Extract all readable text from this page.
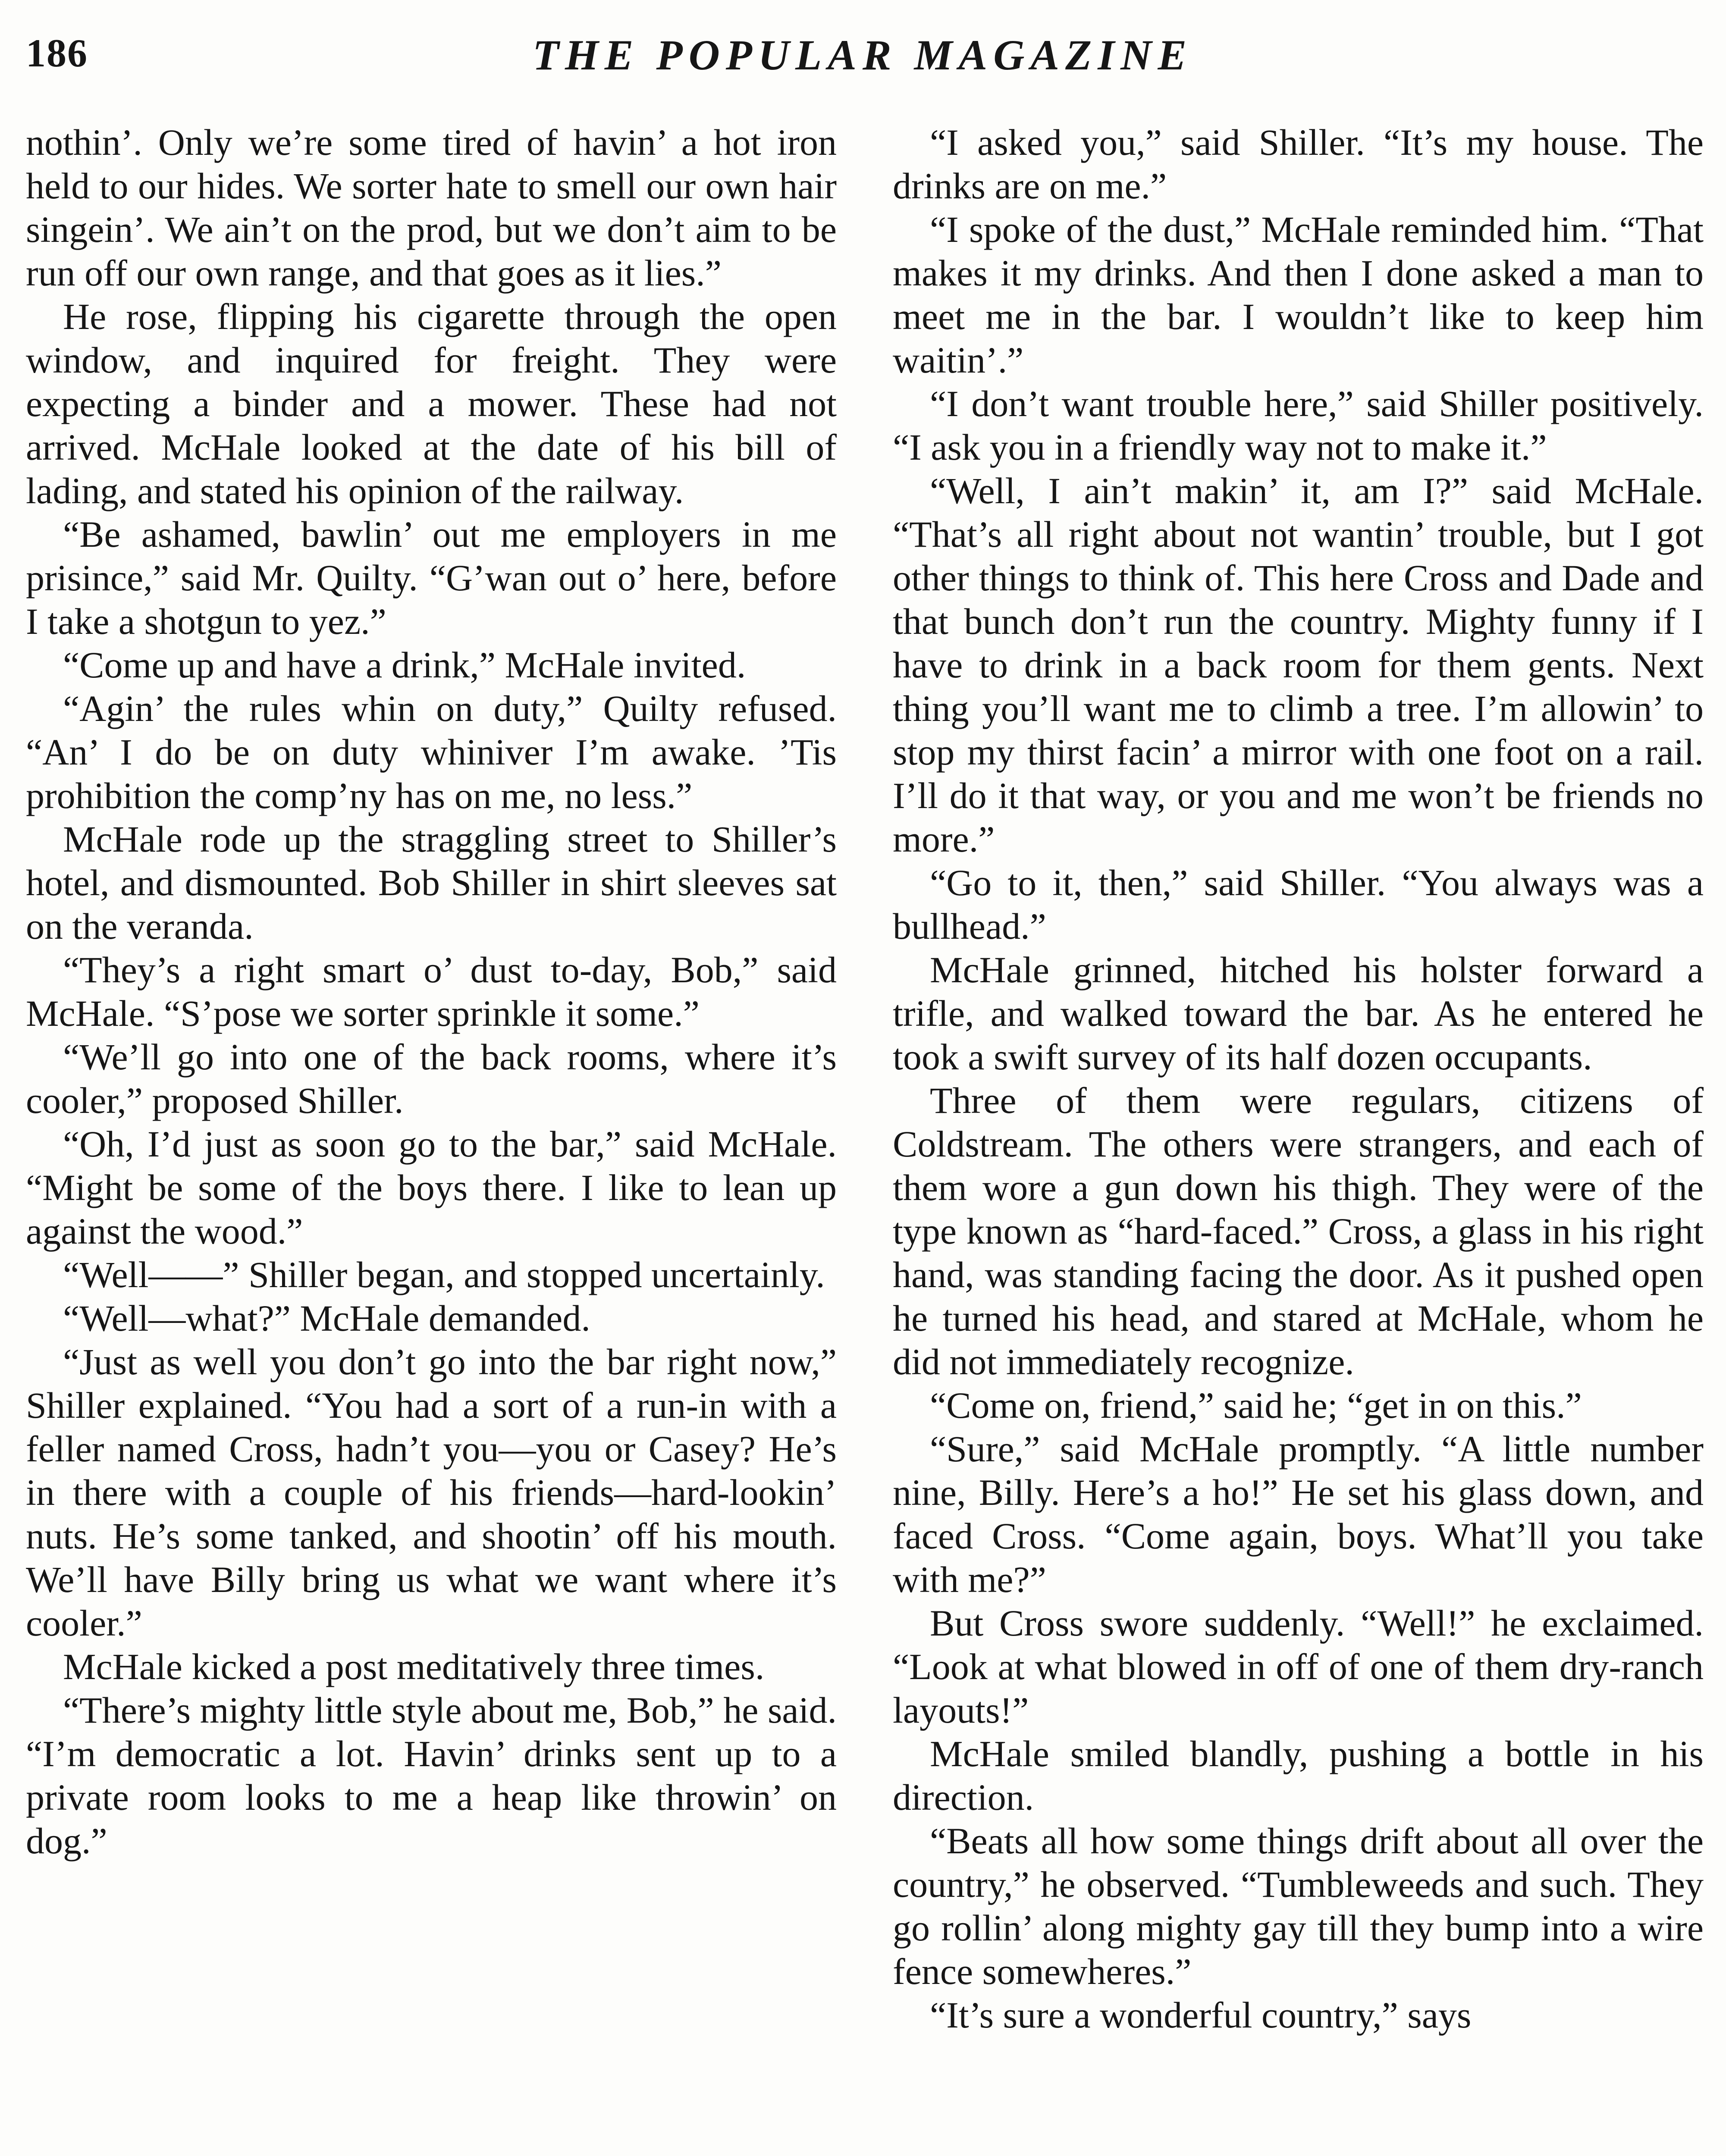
186	THE POPULAR MAGAZINE

nothin’. Only we’re some tired of havin’ a hot iron held to our hides. We sorter hate to smell our own hair singein’. We ain’t on the prod, but we don’t aim to be run off our own range, and that goes as it lies.”

He rose, flipping his cigarette through the open window, and inquired for freight. They were expecting a binder and a mower. These had not arrived. McHale looked at the date of his bill of lading, and stated his opinion of the railway.

“Be ashamed, bawlin’ out me employers in me prisince,” said Mr. Quilty. “G’wan out o’ here, before I take a shotgun to yez.”

“Come up and have a drink,” McHale invited.

“Agin’ the rules whin on duty,” Quilty refused. “An’ I do be on duty whiniver I’m awake. ’Tis prohibition the comp’ny has on me, no less.”

McHale rode up the straggling street to Shiller’s hotel, and dismounted. Bob Shiller in shirt sleeves sat on the veranda.

“They’s a right smart o’ dust to-day, Bob,” said McHale. “S’pose we sorter sprinkle it some.”

“We’ll go into one of the back rooms, where it’s cooler,” proposed Shiller.

“Oh, I’d just as soon go to the bar,” said McHale. “Might be some of the boys there. I like to lean up against the wood.”

“Well——” Shiller began, and stopped uncertainly.

“Well—what?” McHale demanded.

“Just as well you don’t go into the bar right now,” Shiller explained. “You had a sort of a run-in with a feller named Cross, hadn’t you—you or Casey? He’s in there with a couple of his friends—hard-lookin’ nuts. He’s some tanked, and shootin’ off his mouth. We’ll have Billy bring us what we want where it’s cooler.”

McHale kicked a post meditatively three times.

“There’s mighty little style about me, Bob,” he said. “I’m democratic a lot. Havin’ drinks sent up to a private room looks to me a heap like throwin’ on dog.”

“I asked you,” said Shiller. “It’s my house. The drinks are on me.”

“I spoke of the dust,” McHale reminded him. “That makes it my drinks. And then I done asked a man to meet me in the bar. I wouldn’t like to keep him waitin’.”

“I don’t want trouble here,” said Shiller positively. “I ask you in a friendly way not to make it.”

“Well, I ain’t makin’ it, am I?” said McHale. “That’s all right about not wantin’ trouble, but I got other things to think of. This here Cross and Dade and that bunch don’t run the country. Mighty funny if I have to drink in a back room for them gents. Next thing you’ll want me to climb a tree. I’m allowin’ to stop my thirst facin’ a mirror with one foot on a rail. I’ll do it that way, or you and me won’t be friends no more.”

“Go to it, then,” said Shiller. “You always was a bullhead.”

McHale grinned, hitched his holster forward a trifle, and walked toward the bar. As he entered he took a swift survey of its half dozen occupants.

Three of them were regulars, citizens of Coldstream. The others were strangers, and each of them wore a gun down his thigh. They were of the type known as “hard-faced.” Cross, a glass in his right hand, was standing facing the door. As it pushed open he turned his head, and stared at McHale, whom he did not immediately recognize.

“Come on, friend,” said he; “get in on this.”

“Sure,” said McHale promptly. “A little number nine, Billy. Here’s a ho!” He set his glass down, and faced Cross. “Come again, boys. What’ll you take with me?”

But Cross swore suddenly. “Well!” he exclaimed. “Look at what blowed in off of one of them dry-ranch layouts!”

McHale smiled blandly, pushing a bottle in his direction.

“Beats all how some things drift about all over the country,” he observed. “Tumbleweeds and such. They go rollin’ along mighty gay till they bump into a wire fence somewheres.”

“It’s sure a wonderful country,” says
